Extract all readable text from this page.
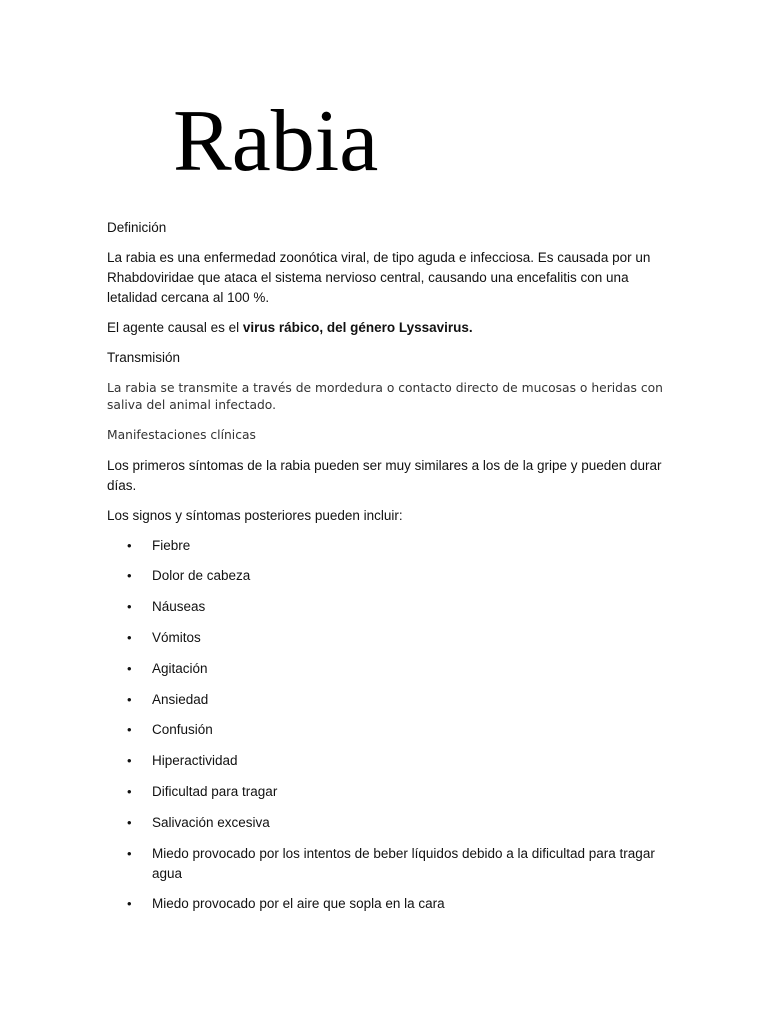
Rabia

Definición

La rabia es una enfermedad zoonótica viral, de tipo aguda e infecciosa. Es causada por un Rhabdoviridae que ataca el sistema nervioso central, causando una encefalitis con una letalidad cercana al 100 %.

El agente causal es el virus rábico, del género Lyssavirus.

Transmisión

La rabia se transmite a través de mordedura o contacto directo de mucosas o heridas con saliva del animal infectado.

Manifestaciones clínicas

Los primeros síntomas de la rabia pueden ser muy similares a los de la gripe y pueden durar días.

Los signos y síntomas posteriores pueden incluir:

• Fiebre
• Dolor de cabeza
• Náuseas
• Vómitos
• Agitación
• Ansiedad
• Confusión
• Hiperactividad
• Dificultad para tragar
• Salivación excesiva
• Miedo provocado por los intentos de beber líquidos debido a la dificultad para tragar agua
• Miedo provocado por el aire que sopla en la cara
